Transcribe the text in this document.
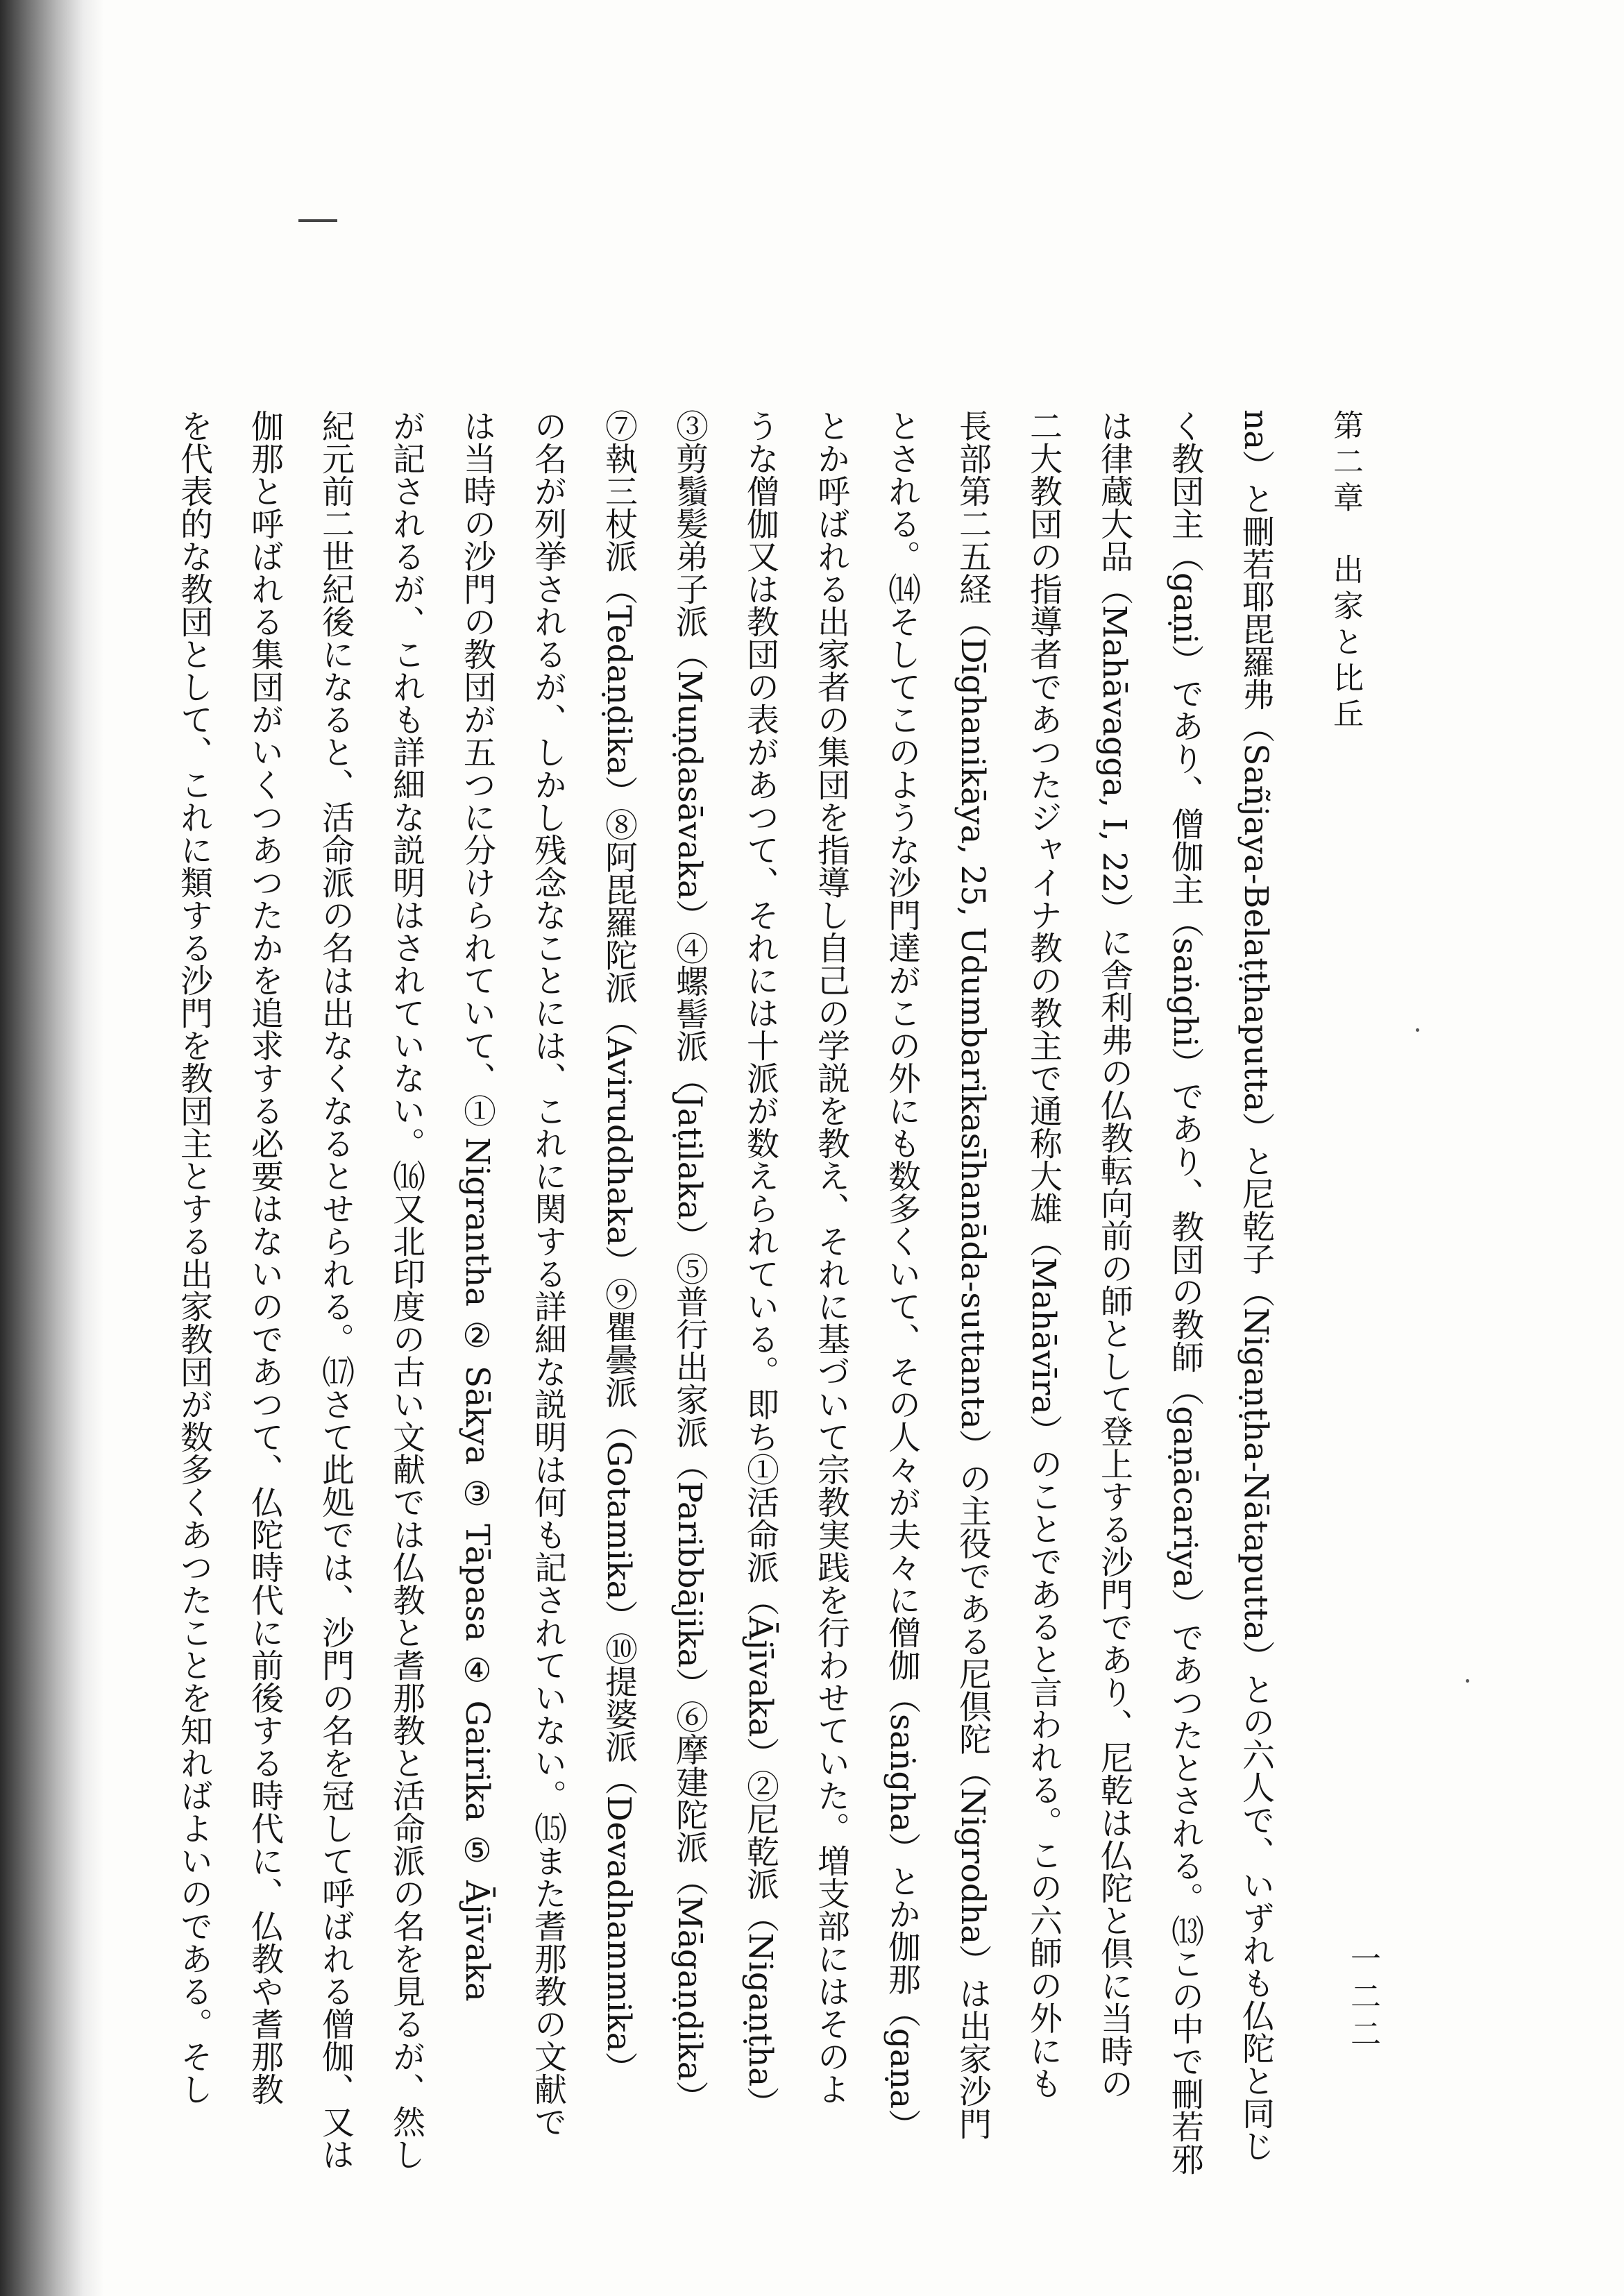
第二章　出家と比丘
一二二
na）と刪若耶毘羅弗（Sañjaya-Belaṭṭhaputta）と尼乾子（Nigaṇṭha-Nātaputta）との六人で、いずれも仏陀と同じ
く教団主（gaṇi）であり、僧伽主（saṅghi）であり、教団の教師（gaṇācariya）であつたとされる。⒀この中で刪若邪
は律蔵大品（Mahāvagga, I, 22）に舎利弗の仏教転向前の師として登上する沙門であり、尼乾は仏陀と倶に当時の
二大教団の指導者であつたジャイナ教の教主で通称大雄（Mahāvīra）のことであると言われる。この六師の外にも
長部第二五経（Dīghanikāya, 25, Udumbarikasīhanāda-suttanta）の主役である尼倶陀（Nigrodha）は出家沙門
とされる。⒁そしてこのような沙門達がこの外にも数多くいて、その人々が夫々に僧伽（saṅgha）とか伽那（gaṇa）
とか呼ばれる出家者の集団を指導し自己の学説を教え、それに基づいて宗教実践を行わせていた。増支部にはそのよ
うな僧伽又は教団の表があつて、それには十派が数えられている。即ち①活命派（Ājīvaka）②尼乾派（Nigaṇṭha）
③剪鬚髪弟子派（Muṇḍasāvaka）④螺髻派（Jaṭilaka）⑤普行出家派（Paribbājika）⑥摩建陀派（Māgaṇḍika）
⑦執三杖派（Tedaṇḍika）⑧阿毘羅陀派（Aviruddhaka）⑨瞿曇派（Gotamika）⑩提婆派（Devadhammika）
の名が列挙されるが、しかし残念なことには、これに関する詳細な説明は何も記されていない。⒂また耆那教の文献で
は当時の沙門の教団が五つに分けられていて、① Nigrantha ② Sākya ③ Tāpasa ④ Gairika ⑤ Ājīvaka
が記されるが、これも詳細な説明はされていない。⒃又北印度の古い文献では仏教と耆那教と活命派の名を見るが、然し
紀元前二世紀後になると、活命派の名は出なくなるとせられる。⒄さて此処では、沙門の名を冠して呼ばれる僧伽、又は
伽那と呼ばれる集団がいくつあつたかを追求する必要はないのであつて、仏陀時代に前後する時代に、仏教や耆那教
を代表的な教団として、これに類する沙門を教団主とする出家教団が数多くあつたことを知ればよいのである。そし
